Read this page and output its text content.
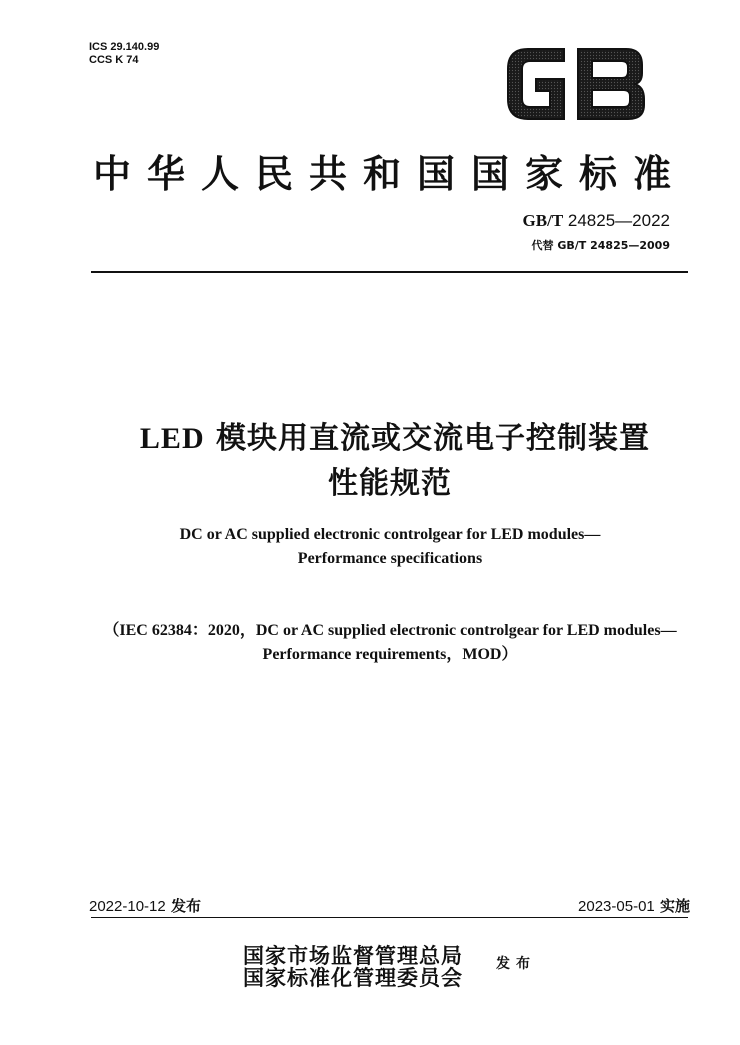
ICS 29.140.99
CCS K 74
中华人民共和国国家标准
GB/T 24825—2022
代替 GB/T 24825—2009
LED 模块用直流或交流电子控制装置
性能规范
DC or AC supplied electronic controlgear for LED modules—
Performance specifications
（IEC 62384：2020，DC or AC supplied electronic controlgear for LED modules—
Performance requirements，MOD）
2022-10-12 发布	2023-05-01 实施
国家市场监督管理总局
国家标准化管理委员会
发布
